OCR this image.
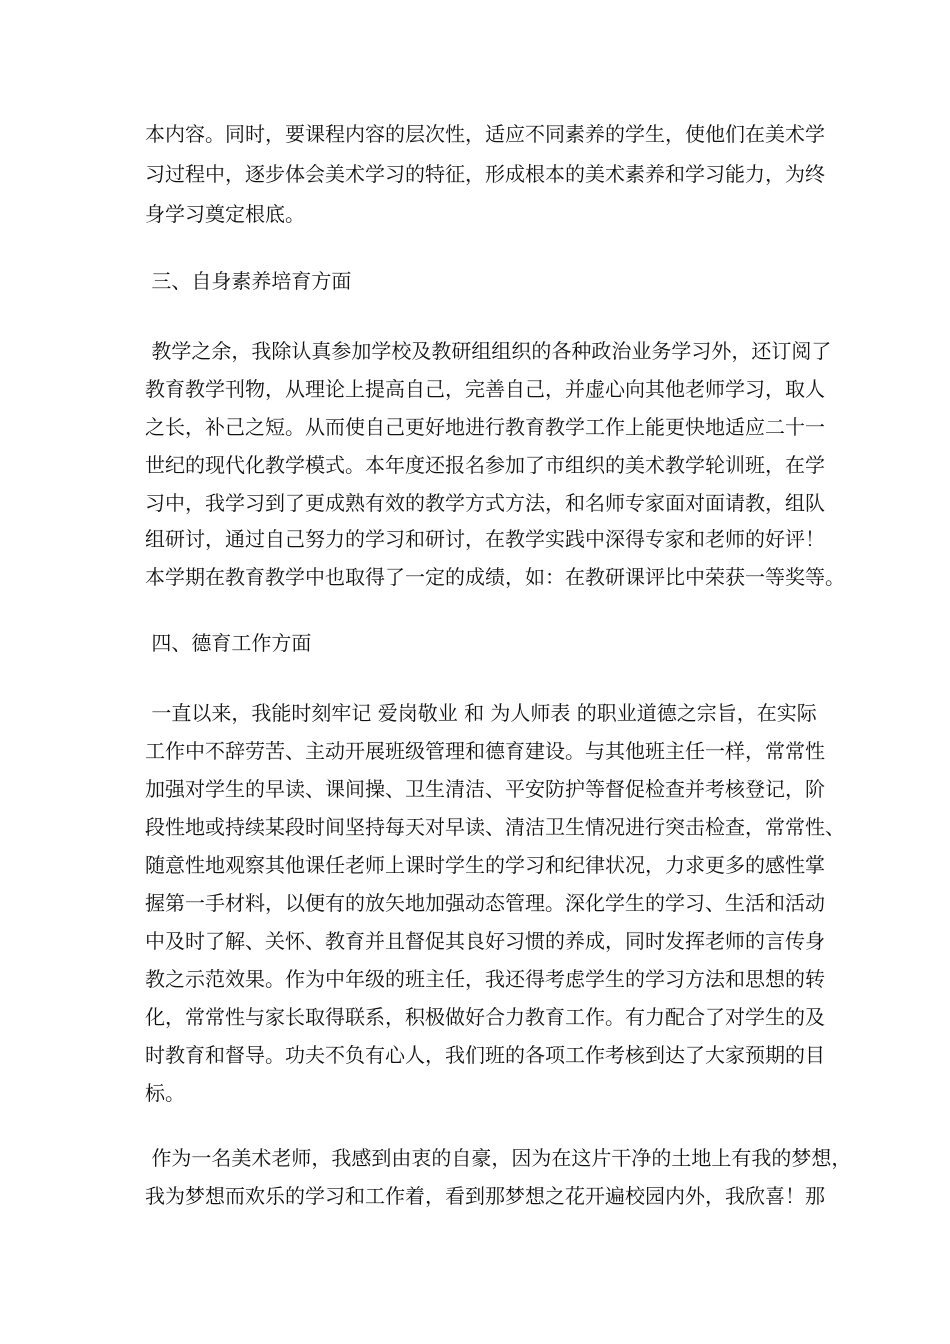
本内容。同时，要课程内容的层次性，适应不同素养的学生，使他们在美术学
习过程中，逐步体会美术学习的特征，形成根本的美术素养和学习能力，为终
身学习奠定根底。
三、自身素养培育方面
教学之余，我除认真参加学校及教研组组织的各种政治业务学习外，还订阅了
教育教学刊物，从理论上提高自己，完善自己，并虚心向其他老师学习，取人
之长，补己之短。从而使自己更好地进行教育教学工作上能更快地适应二十一
世纪的现代化教学模式。本年度还报名参加了市组织的美术教学轮训班，在学
习中，我学习到了更成熟有效的教学方式方法，和名师专家面对面请教，组队
组研讨，通过自己努力的学习和研讨，在教学实践中深得专家和老师的好评！
本学期在教育教学中也取得了一定的成绩，如：在教研课评比中荣获一等奖等。
四、德育工作方面
一直以来，我能时刻牢记 爱岗敬业 和 为人师表 的职业道德之宗旨，在实际
工作中不辞劳苦、主动开展班级管理和德育建设。与其他班主任一样，常常性
加强对学生的早读、课间操、卫生清洁、平安防护等督促检查并考核登记，阶
段性地或持续某段时间坚持每天对早读、清洁卫生情况进行突击检查，常常性、
随意性地观察其他课任老师上课时学生的学习和纪律状况，力求更多的感性掌
握第一手材料，以便有的放矢地加强动态管理。深化学生的学习、生活和活动
中及时了解、关怀、教育并且督促其良好习惯的养成，同时发挥老师的言传身
教之示范效果。作为中年级的班主任，我还得考虑学生的学习方法和思想的转
化，常常性与家长取得联系，积极做好合力教育工作。有力配合了对学生的及
时教育和督导。功夫不负有心人，我们班的各项工作考核到达了大家预期的目
标。
作为一名美术老师，我感到由衷的自豪，因为在这片干净的土地上有我的梦想，
我为梦想而欢乐的学习和工作着，看到那梦想之花开遍校园内外，我欣喜！那
